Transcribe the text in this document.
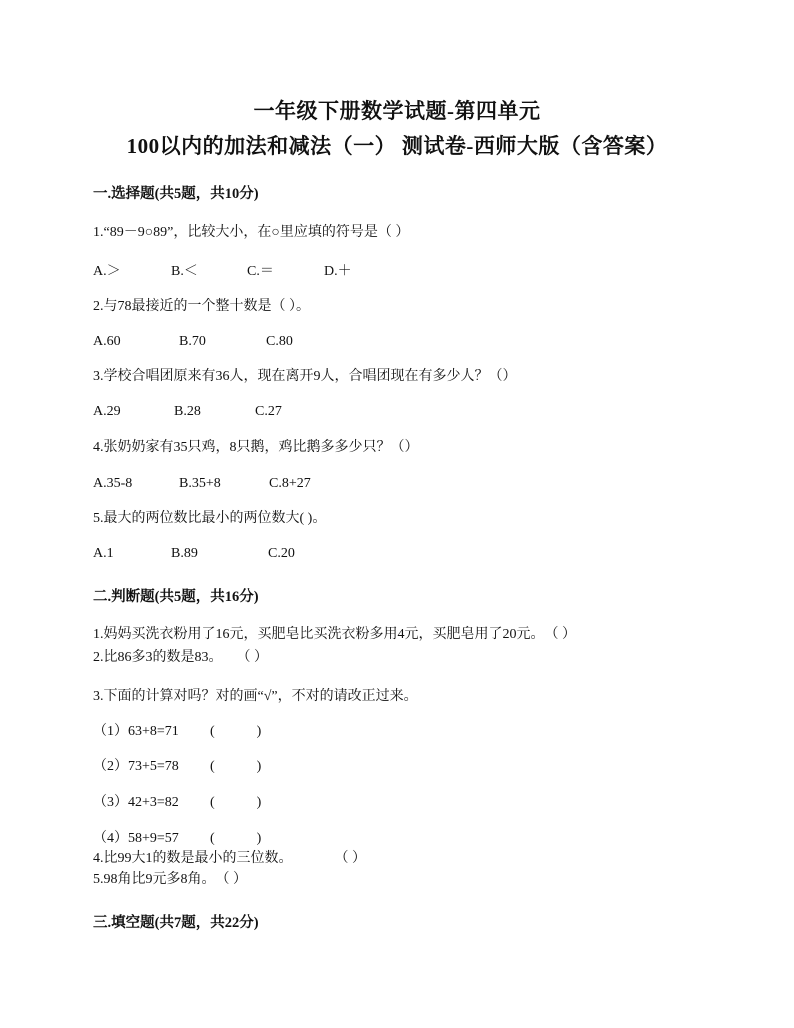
一年级下册数学试题-第四单元
100以内的加法和减法（一） 测试卷-西师大版（含答案）
一.选择题(共5题，共10分)
1.“89－9○89”，比较大小，在○里应填的符号是（ ）
A.＞	B.＜	C.＝	D.＋
2.与78最接近的一个整十数是（ ）。
A.60	B.70	C.80
3.学校合唱团原来有36人，现在离开9人，合唱团现在有多少人？（）
A.29	B.28	C.27
4.张奶奶家有35只鸡，8只鹅，鸡比鹅多多少只？（）
A.35-8	B.35+8	C.8+27
5.最大的两位数比最小的两位数大( )。
A.1	B.89	C.20
二.判断题(共5题，共16分)
1.妈妈买洗衣粉用了16元，买肥皂比买洗衣粉多用4元，买肥皂用了20元。　（ ）
2.比86多3的数是83。　　（ ）
3.下面的计算对吗？对的画“√”，不对的请改正过来。
（1）63+8=71 (　　　)
（2）73+5=78 (　　　)
（3）42+3=82 (　　　)
（4）58+9=57 (　　　)
4.比99大1的数是最小的三位数。　　　　（ ）
5.98角比9元多8角。　（ ）
三.填空题(共7题，共22分)
